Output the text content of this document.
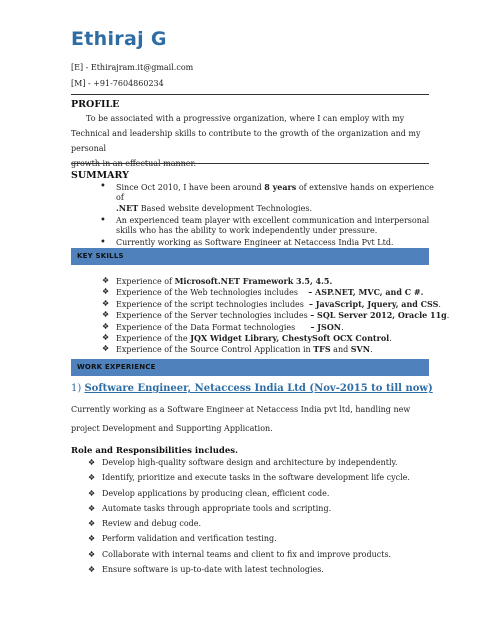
Ethiraj G
[E] - Ethirajram.it@gmail.com
[M] - +91-7604860234
PROFILE
To be associated with a progressive organization, where I can employ with my
Technical and leadership skills to contribute to the growth of the organization and my personal
growth in an effectual manner.
SUMMARY
• Since Oct 2010, I have been around 8 years of extensive hands on experience of
.NET Based website development Technologies.
• An experienced team player with excellent communication and interpersonal skills who has the ability to work independently under pressure.
• Currently working as Software Engineer at Netaccess India Pvt Ltd.
KEY SKILLS
❖ Experience of Microsoft.NET Framework 3.5, 4.5.
❖ Experience of the Web technologies includes    – ASP.NET, MVC, and C #.
❖ Experience of the script technologies includes  – JavaScript, Jquery, and CSS.
❖ Experience of the Server technologies includes – SQL Server 2012, Oracle 11g.
❖ Experience of the Data Format technologies      – JSON.
❖ Experience of the JQX Widget Library, ChestySoft OCX Control.
❖ Experience of the Source Control Application in TFS and SVN.
WORK EXPERIENCE
1) Software Engineer, Netaccess India Ltd (Nov-2015 to till now)
Currently working as a Software Engineer at Netaccess India pvt ltd, handling new
project Development and Supporting Application.
Role and Responsibilities includes.
❖ Develop high-quality software design and architecture by independently.
❖ Identify, prioritize and execute tasks in the software development life cycle.
❖ Develop applications by producing clean, efficient code.
❖ Automate tasks through appropriate tools and scripting.
❖ Review and debug code.
❖ Perform validation and verification testing.
❖ Collaborate with internal teams and client to fix and improve products.
❖ Ensure software is up-to-date with latest technologies.
